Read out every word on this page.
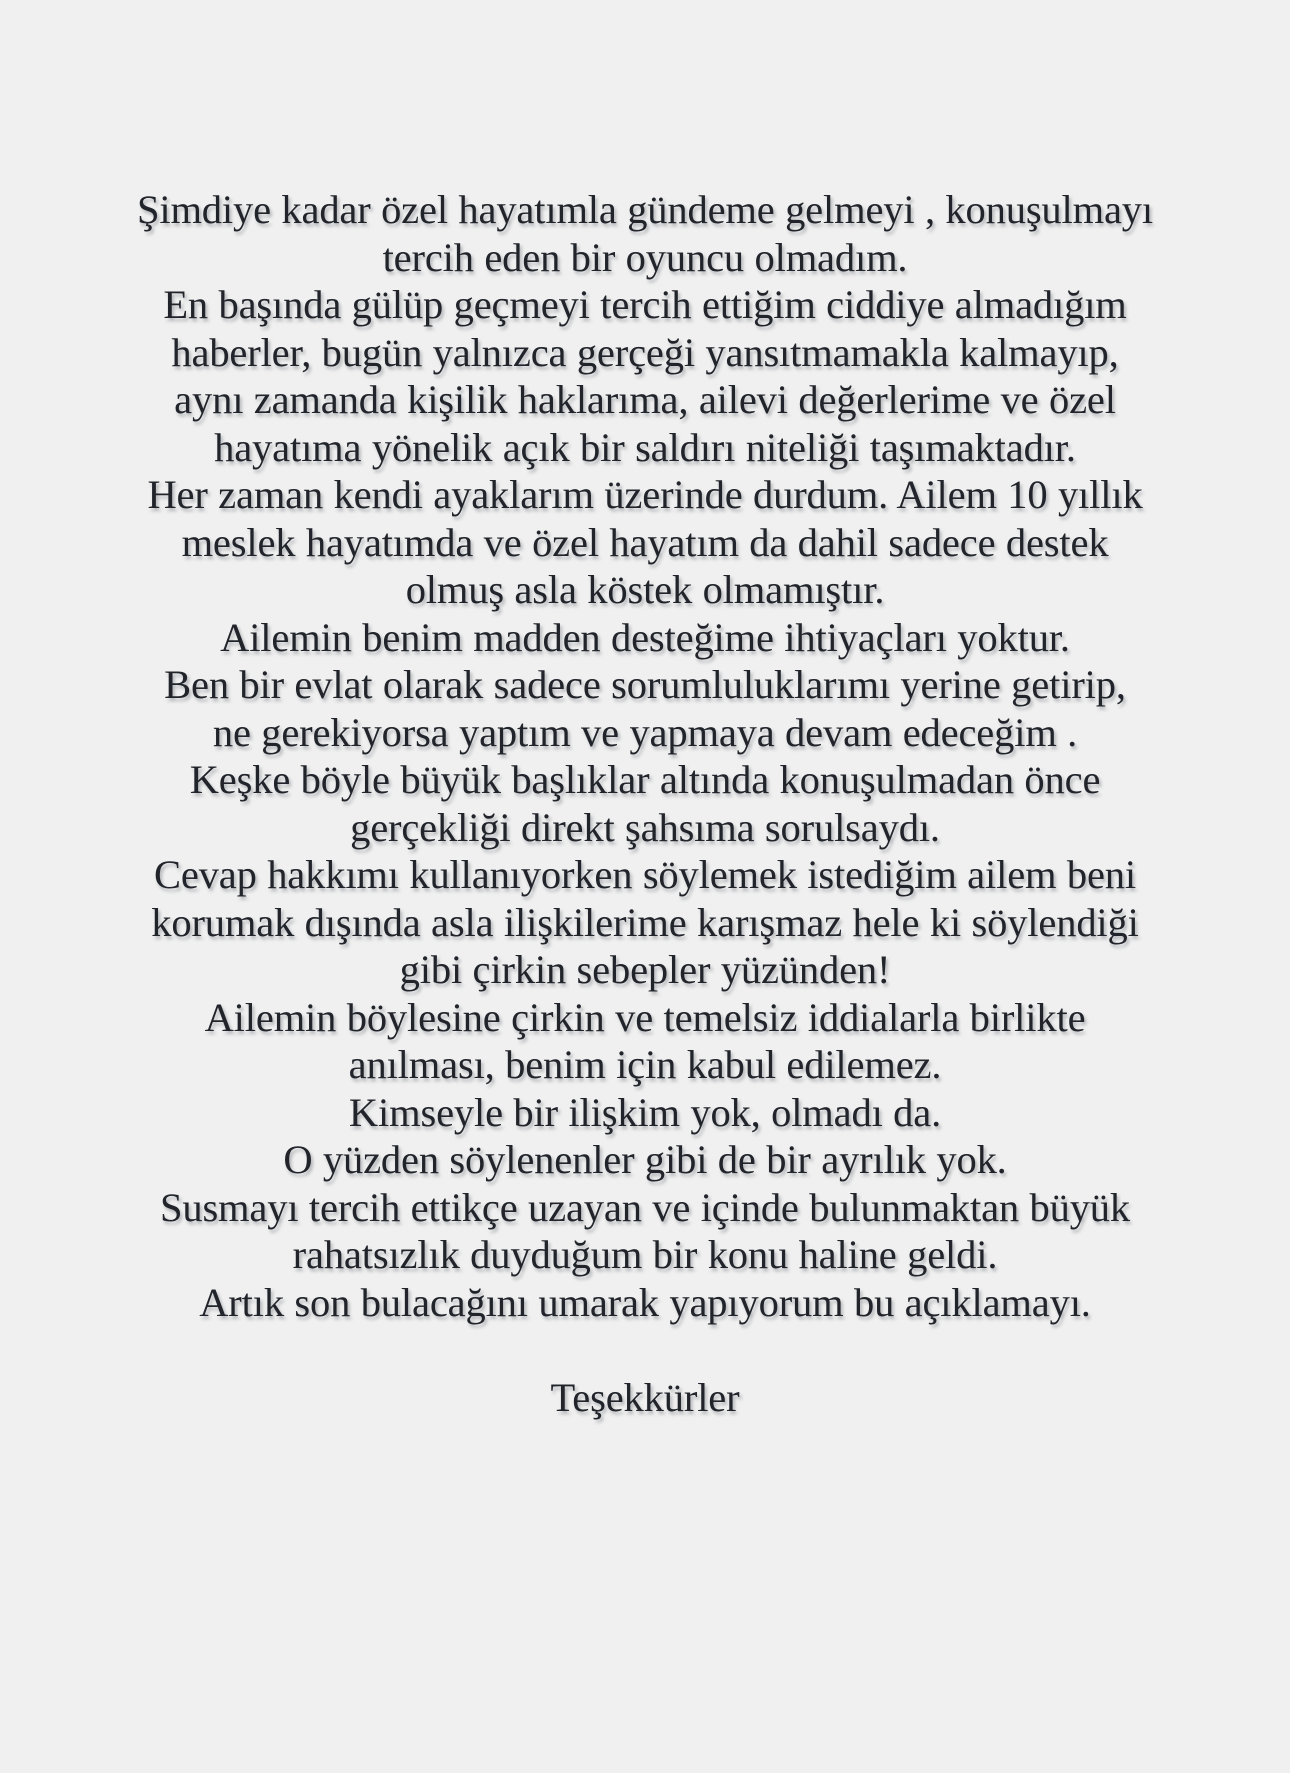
Şimdiye kadar özel hayatımla gündeme gelmeyi , konuşulmayı
tercih eden bir oyuncu olmadım.
En başında gülüp geçmeyi tercih ettiğim ciddiye almadığım
haberler, bugün yalnızca gerçeği yansıtmamakla kalmayıp,
aynı zamanda kişilik haklarıma, ailevi değerlerime ve özel
hayatıma yönelik açık bir saldırı niteliği taşımaktadır.
Her zaman kendi ayaklarım üzerinde durdum. Ailem 10 yıllık
meslek hayatımda ve özel hayatım da dahil sadece destek
olmuş asla köstek olmamıştır.
Ailemin benim madden desteğime ihtiyaçları yoktur.
Ben bir evlat olarak sadece sorumluluklarımı yerine getirip,
ne gerekiyorsa yaptım ve yapmaya devam edeceğim .
Keşke böyle büyük başlıklar altında konuşulmadan önce
gerçekliği direkt şahsıma sorulsaydı.
Cevap hakkımı kullanıyorken söylemek istediğim ailem beni
korumak dışında asla ilişkilerime karışmaz hele ki söylendiği
gibi çirkin sebepler yüzünden!
Ailemin böylesine çirkin ve temelsiz iddialarla birlikte
anılması, benim için kabul edilemez.
Kimseyle bir ilişkim yok, olmadı da.
O yüzden söylenenler gibi de bir ayrılık yok.
Susmayı tercih ettikçe uzayan ve içinde bulunmaktan büyük
rahatsızlık duyduğum bir konu haline geldi.
Artık son bulacağını umarak yapıyorum bu açıklamayı.
Teşekkürler
